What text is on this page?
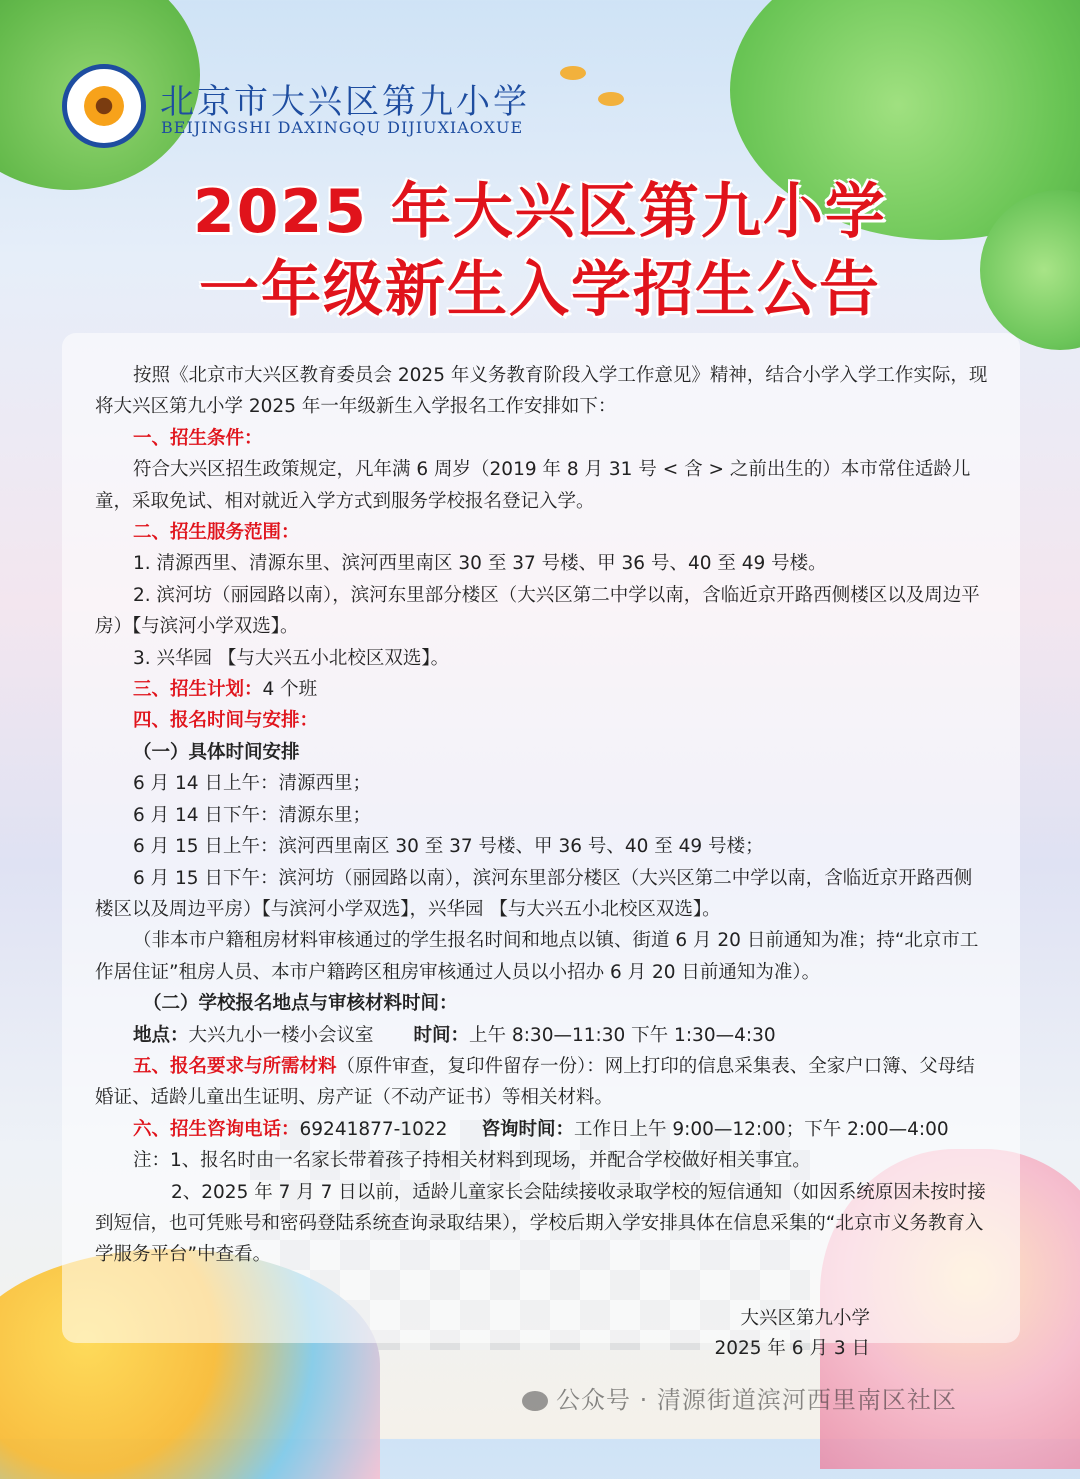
北京市大兴区第九小学
BEIJINGSHI DAXINGQU DIJIUXIAOXUE
2025 年大兴区第九小学
一年级新生入学招生公告

按照《北京市大兴区教育委员会 2025 年义务教育阶段入学工作意见》精神，结合小学入学工作实际，现将大兴区第九小学 2025 年一年级新生入学报名工作安排如下：

一、招生条件：

符合大兴区招生政策规定，凡年满 6 周岁（2019 年 8 月 31 号 < 含 > 之前出生的）本市常住适龄儿童，采取免试、相对就近入学方式到服务学校报名登记入学。

二、招生服务范围：

1. 清源西里、清源东里、滨河西里南区 30 至 37 号楼、甲 36 号、40 至 49 号楼。

2. 滨河坊（丽园路以南），滨河东里部分楼区（大兴区第二中学以南，含临近京开路西侧楼区以及周边平房）【与滨河小学双选】。

3. 兴华园 【与大兴五小北校区双选】。

三、招生计划：4 个班

四、报名时间与安排：

（一）具体时间安排

6 月 14 日上午：清源西里；

6 月 14 日下午：清源东里；

6 月 15 日上午：滨河西里南区 30 至 37 号楼、甲 36 号、40 至 49 号楼；

6 月 15 日下午：滨河坊（丽园路以南），滨河东里部分楼区（大兴区第二中学以南，含临近京开路西侧楼区以及周边平房）【与滨河小学双选】，兴华园 【与大兴五小北校区双选】。

（非本市户籍租房材料审核通过的学生报名时间和地点以镇、街道 6 月 20 日前通知为准；持“北京市工作居住证”租房人员、本市户籍跨区租房审核通过人员以小招办 6 月 20 日前通知为准）。

（二）学校报名地点与审核材料时间：

地点：大兴九小一楼小会议室 时间：上午 8:30—11:30 下午 1:30—4:30

五、报名要求与所需材料（原件审查，复印件留存一份）：网上打印的信息采集表、全家户口簿、父母结婚证、适龄儿童出生证明、房产证（不动产证书）等相关材料。

六、招生咨询电话：69241877-1022 咨询时间：工作日上午 9:00—12:00；下午 2:00—4:00

注：1、报名时由一名家长带着孩子持相关材料到现场，并配合学校做好相关事宜。

2、2025 年 7 月 7 日以前，适龄儿童家长会陆续接收录取学校的短信通知（如因系统原因未按时接到短信，也可凭账号和密码登陆系统查询录取结果），学校后期入学安排具体在信息采集的“北京市义务教育入学服务平台”中查看。

大兴区第九小学
2025 年 6 月 3 日
公众号 · 清源街道滨河西里南区社区
